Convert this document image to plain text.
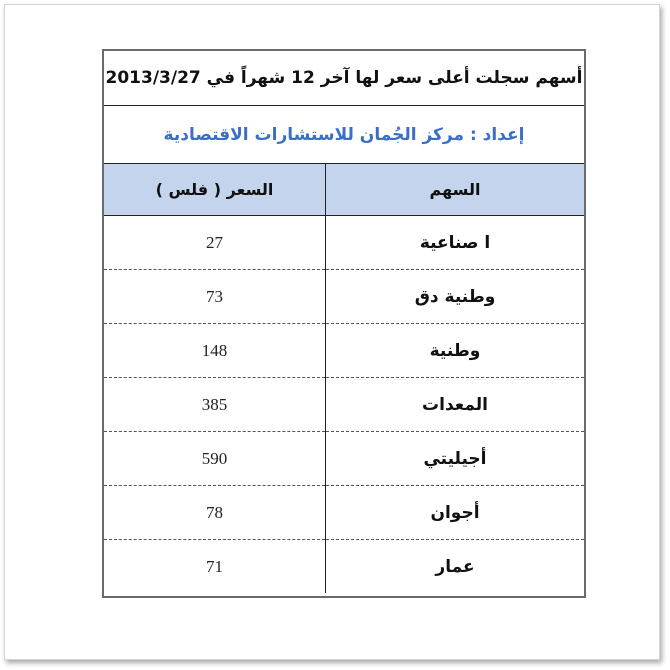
أسهم سجلت أعلى سعر لها آخر 12 شهراً في 2013/3/27
إعداد : مركز الجُمان للاستشارات الاقتصادية
السهم	السعر ( فلس )
ا صناعية	27
وطنية دق	73
وطنية	148
المعدات	385
أجيليتي	590
أجوان	78
عمار	71
